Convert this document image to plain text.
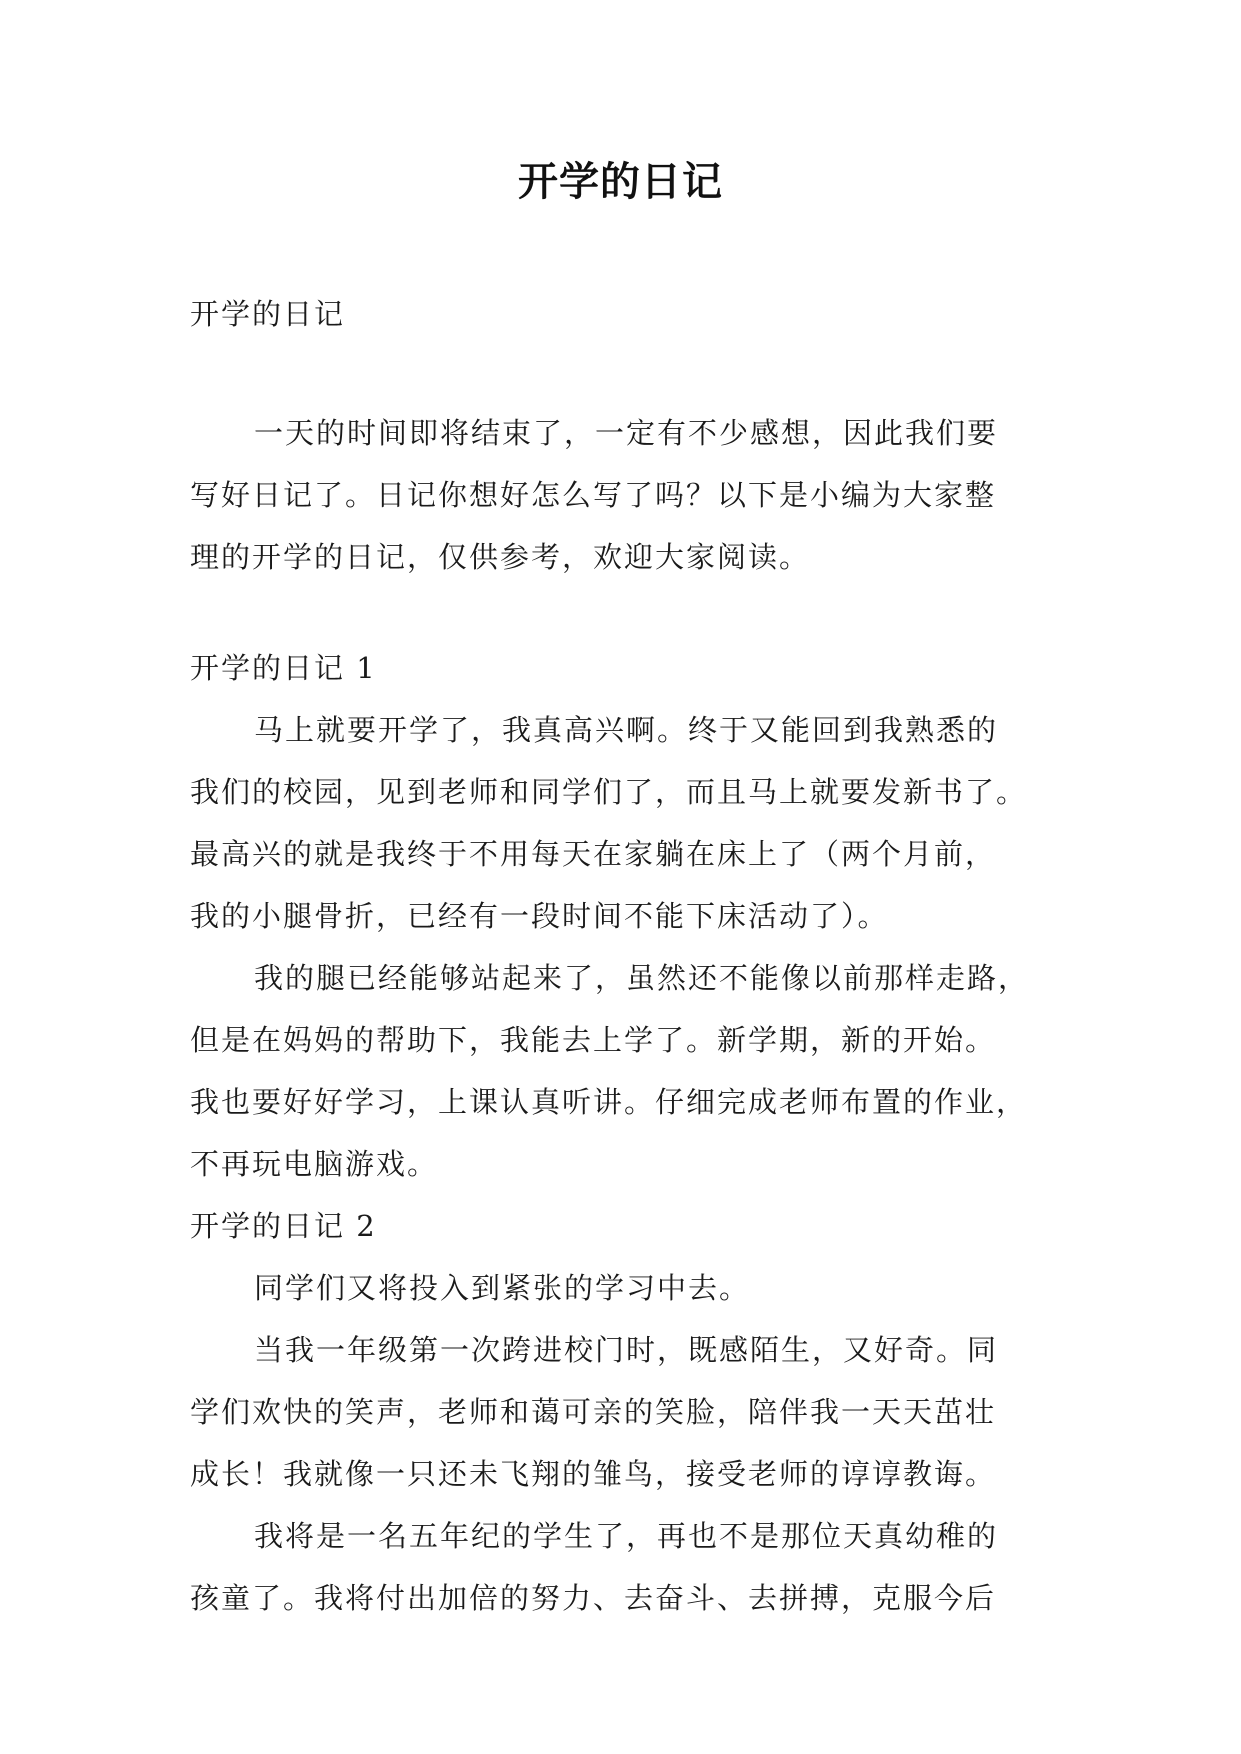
开学的日记
开学的日记
一天的时间即将结束了，一定有不少感想，因此我们要
写好日记了。日记你想好怎么写了吗？以下是小编为大家整
理的开学的日记，仅供参考，欢迎大家阅读。
开学的日记 1
马上就要开学了，我真高兴啊。终于又能回到我熟悉的
我们的校园，见到老师和同学们了，而且马上就要发新书了。
最高兴的就是我终于不用每天在家躺在床上了（两个月前，
我的小腿骨折，已经有一段时间不能下床活动了）。
我的腿已经能够站起来了，虽然还不能像以前那样走路，
但是在妈妈的帮助下，我能去上学了。新学期，新的开始。
我也要好好学习，上课认真听讲。仔细完成老师布置的作业，
不再玩电脑游戏。
开学的日记 2
同学们又将投入到紧张的学习中去。
当我一年级第一次跨进校门时，既感陌生，又好奇。同
学们欢快的笑声，老师和蔼可亲的笑脸，陪伴我一天天茁壮
成长！我就像一只还未飞翔的雏鸟，接受老师的谆谆教诲。
我将是一名五年纪的学生了，再也不是那位天真幼稚的
孩童了。我将付出加倍的努力、去奋斗、去拼搏，克服今后
